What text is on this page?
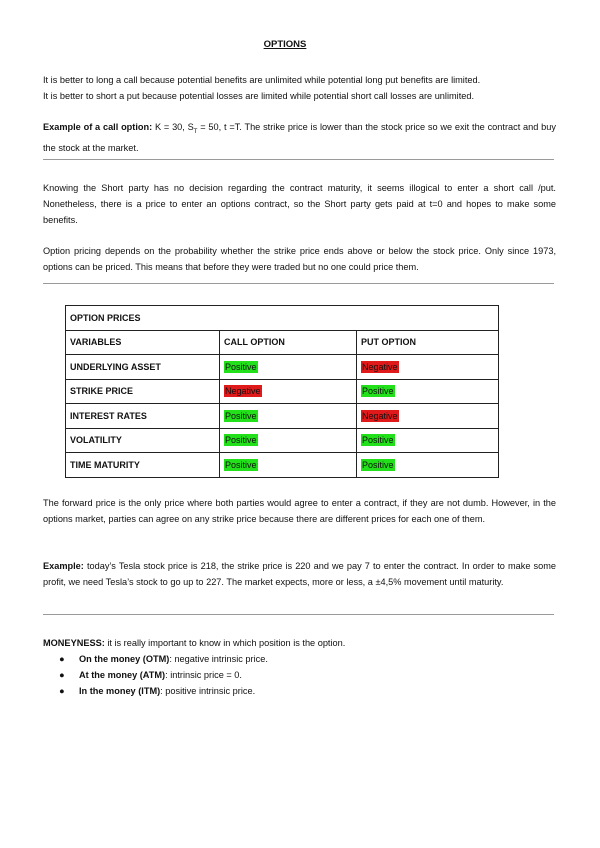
OPTIONS

It is better to long a call because potential benefits are unlimited while potential long put benefits are limited.
It is better to short a put because potential losses are limited while potential short call losses are unlimited.

Example of a call option: K = 30, $S_T = 50$, t =T. The strike price is lower than the stock price so we exit the contract and buy the stock at the market.

Knowing the Short party has no decision regarding the contract maturity, it seems illogical to enter a short call /put. Nonetheless, there is a price to enter an options contract, so the Short party gets paid at t=0 and hopes to make some benefits.

Option pricing depends on the probability whether the strike price ends above or below the stock price. Only since 1973, options can be priced. This means that before they were traded but no one could price them.

OPTION PRICES		
VARIABLES	CALL OPTION	PUT OPTION
UNDERLYING ASSET	Positive	Negative
STRIKE PRICE	Negative	Positive
INTEREST RATES	Positive	Negative
VOLATILITY	Positive	Positive
TIME MATURITY	Positive	Positive

The forward price is the only price where both parties would agree to enter a contract, if they are not dumb. However, in the options market, parties can agree on any strike price because there are different prices for each one of them.

Example: today’s Tesla stock price is 218, the strike price is 220 and we pay 7 to enter the contract. In order to make some profit, we need Tesla’s stock to go up to 227. The market expects, more or less, a ±4,5% movement until maturity.

MONEYNESS: it is really important to know in which position is the option.

● On the money (OTM): negative intrinsic price.
● At the money (ATM): intrinsic price = 0.
● In the money (ITM): positive intrinsic price.
